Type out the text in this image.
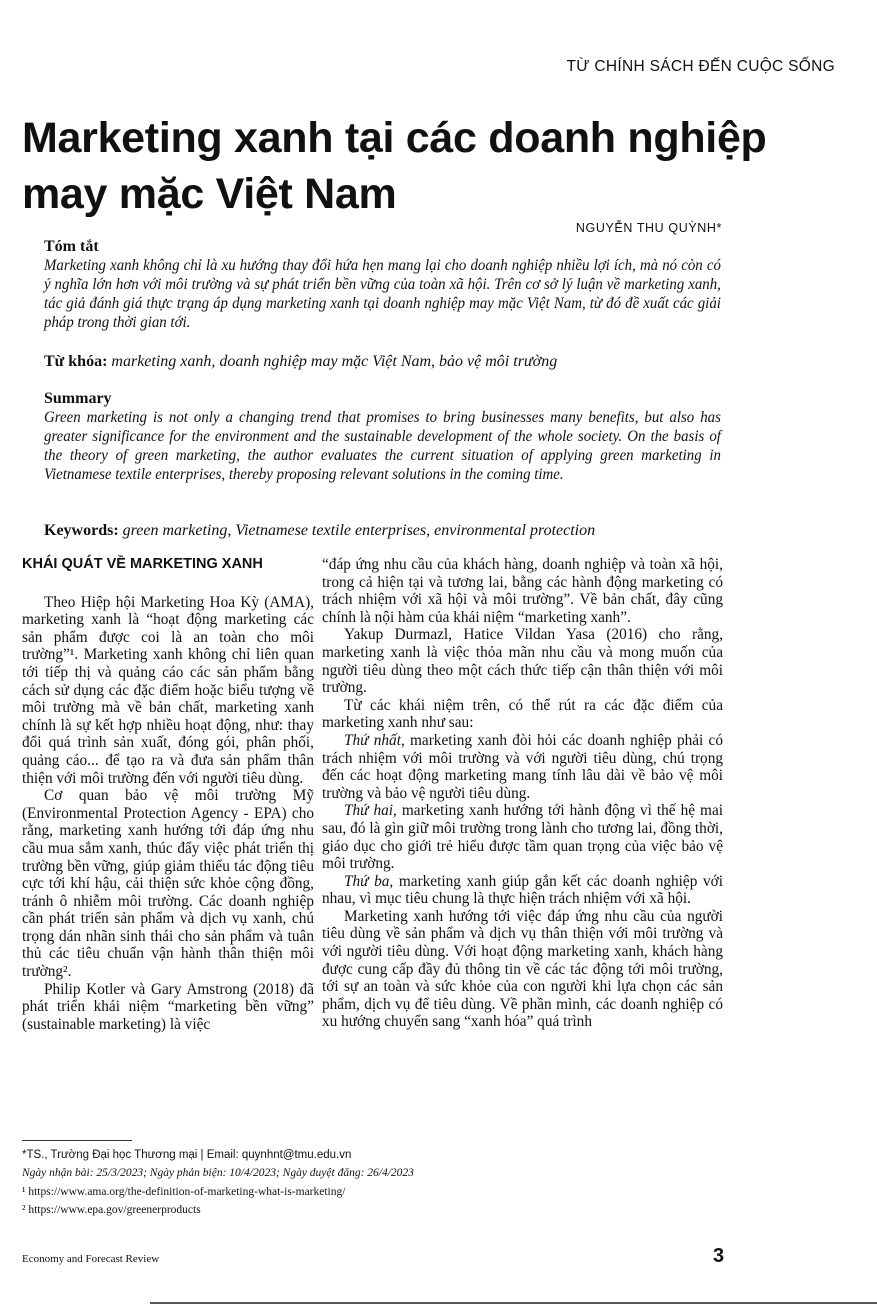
TỪ CHÍNH SÁCH ĐẾN CUỘC SỐNG
Marketing xanh tại các doanh nghiệp may mặc Việt Nam
NGUYỄN THU QUỲNH*
Tóm tắt

Marketing xanh không chỉ là xu hướng thay đổi hứa hẹn mang lại cho doanh nghiệp nhiều lợi ích, mà nó còn có ý nghĩa lớn hơn với môi trường và sự phát triển bền vững của toàn xã hội. Trên cơ sở lý luận về marketing xanh, tác giả đánh giá thực trạng áp dụng marketing xanh tại doanh nghiệp may mặc Việt Nam, từ đó đề xuất các giải pháp trong thời gian tới.

Từ khóa: marketing xanh, doanh nghiệp may mặc Việt Nam, bảo vệ môi trường
Summary

Green marketing is not only a changing trend that promises to bring businesses many benefits, but also has greater significance for the environment and the sustainable development of the whole society. On the basis of the theory of green marketing, the author evaluates the current situation of applying green marketing in Vietnamese textile enterprises, thereby proposing relevant solutions in the coming time.

Keywords: green marketing, Vietnamese textile enterprises, environmental protection
KHÁI QUÁT VỀ MARKETING XANH

Theo Hiệp hội Marketing Hoa Kỳ (AMA), marketing xanh là “hoạt động marketing các sản phẩm được coi là an toàn cho môi trường”¹. Marketing xanh không chỉ liên quan tới tiếp thị và quảng cáo các sản phẩm bằng cách sử dụng các đặc điểm hoặc biểu tượng về môi trường mà về bản chất, marketing xanh chính là sự kết hợp nhiều hoạt động, như: thay đổi quá trình sản xuất, đóng gói, phân phối, quảng cáo... để tạo ra và đưa sản phẩm thân thiện với môi trường đến với người tiêu dùng.

Cơ quan bảo vệ môi trường Mỹ (Environmental Protection Agency - EPA) cho rằng, marketing xanh hướng tới đáp ứng nhu cầu mua sắm xanh, thúc đẩy việc phát triển thị trường bền vững, giúp giảm thiểu tác động tiêu cực tới khí hậu, cải thiện sức khỏe cộng đồng, tránh ô nhiễm môi trường. Các doanh nghiệp cần phát triển sản phẩm và dịch vụ xanh, chú trọng dán nhãn sinh thái cho sản phẩm và tuân thủ các tiêu chuẩn vận hành thân thiện môi trường².

Philip Kotler và Gary Amstrong (2018) đã phát triển khái niệm “marketing bền vững” (sustainable marketing) là việc

“đáp ứng nhu cầu của khách hàng, doanh nghiệp và toàn xã hội, trong cả hiện tại và tương lai, bằng các hành động marketing có trách nhiệm với xã hội và môi trường”. Về bản chất, đây cũng chính là nội hàm của khái niệm “marketing xanh”.

Yakup Durmazl, Hatice Vildan Yasa (2016) cho rằng, marketing xanh là việc thỏa mãn nhu cầu và mong muốn của người tiêu dùng theo một cách thức tiếp cận thân thiện với môi trường.

Từ các khái niệm trên, có thể rút ra các đặc điểm của marketing xanh như sau:

Thứ nhất, marketing xanh đòi hỏi các doanh nghiệp phải có trách nhiệm với môi trường và với người tiêu dùng, chú trọng đến các hoạt động marketing mang tính lâu dài về bảo vệ môi trường và bảo vệ người tiêu dùng.

Thứ hai, marketing xanh hướng tới hành động vì thế hệ mai sau, đó là gìn giữ môi trường trong lành cho tương lai, đồng thời, giáo dục cho giới trẻ hiểu được tầm quan trọng của việc bảo vệ môi trường.

Thứ ba, marketing xanh giúp gắn kết các doanh nghiệp với nhau, vì mục tiêu chung là thực hiện trách nhiệm với xã hội.

Marketing xanh hướng tới việc đáp ứng nhu cầu của người tiêu dùng về sản phẩm và dịch vụ thân thiện với môi trường và với người tiêu dùng. Với hoạt động marketing xanh, khách hàng được cung cấp đầy đủ thông tin về các tác động tới môi trường, tới sự an toàn và sức khỏe của con người khi lựa chọn các sản phẩm, dịch vụ để tiêu dùng. Về phần mình, các doanh nghiệp có xu hướng chuyển sang “xanh hóa” quá trình

*TS., Trường Đại học Thương mại | Email: quynhnt@tmu.edu.vn
Ngày nhận bài: 25/3/2023; Ngày phản biện: 10/4/2023; Ngày duyệt đăng: 26/4/2023
¹ https://www.ama.org/the-definition-of-marketing-what-is-marketing/
² https://www.epa.gov/greenerproducts
Economy and Forecast Review	3
